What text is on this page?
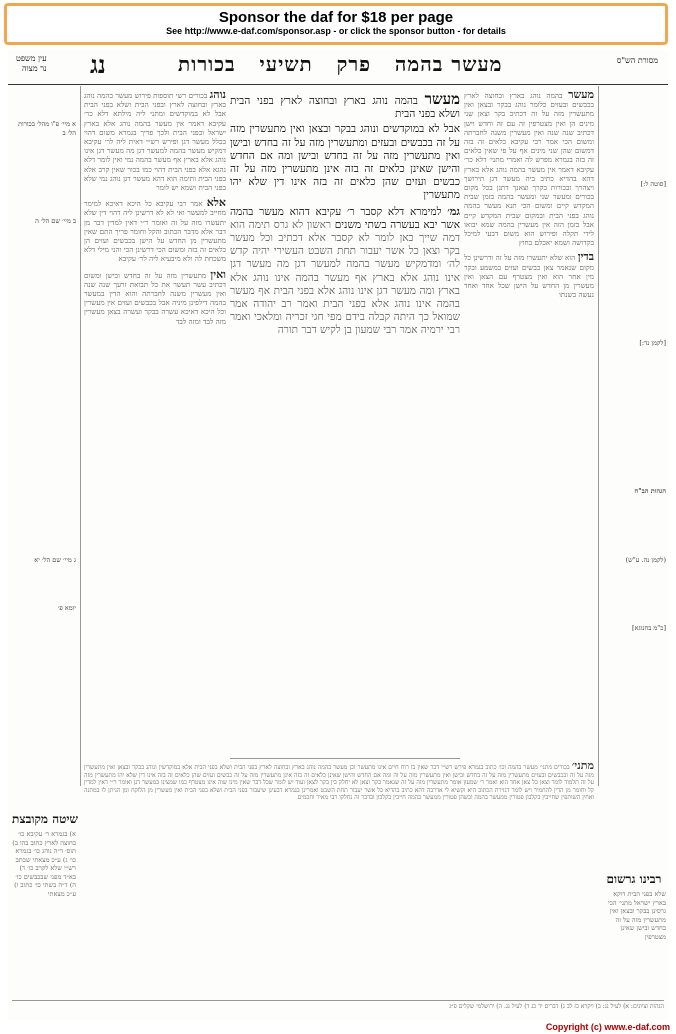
Sponsor the daf for $18 per page
See http://www.e-daf.com/sponsor.asp - or click the sponsor button - for details
עין משפט
נר מצוה	נג	מעשר בהמה   פרק   תשיעי   בכורות	מסורת הש"ס
א מיי׳ פ"ו מהל׳ בכורות הל׳ ב
ב מיי׳ שם הל׳ ה
ג מיי׳ שם הל׳ יא
יומא פ׳
[סוטה ל:]
[לקמן נד:]
הגהות הב"ח
(לקמן נה. ע"ש)
[כ"מ בחנוגא]
נוהג בכורים רשי תוספות פירוש מעשר בהמה נוהג בארץ ובחוצה לארץ ובפני הבית ושלא בפני הבית אבל לא במוקדשים ומתני ליה מילתא דלא כר׳ עקיבא דאמר אין מעשר בהמה נוהג אלא בארץ ישראל ובפני הבית ולכך פריך בגמרא משום דהוי בכלל מעשר דגן ופירש רש״י דאית ליה לר׳ עקיבא דמקיש מעשר בהמה למעשר דגן מה מעשר דגן אינו נוהג אלא בארץ אף מעשר בהמה נמי ואין לומר דלא נהגא אלא בפני הבית דהוי כמו בכור שאין קרב אלא בפני הבית ותימה הוא דהא מעשר דגן נוהג נמי שלא בפני הבית ושמא יש לומר
אלא אמר רבי עקיבא כל היכא דאיכא למימר מחייב למעשר ואי לא לא דרשינן ליה דהוי דין שלא יתעשרו מזה על זה ואומר ר״י דאין למדין דבר מן דבר אלא מדבר הכתוב והקל וחומר פריך התם שאין מתעשרין מן החדש על הישן בכבשים ועזים הן כלאים זה בזה ומשום הכי דרשינן הכי והני מילי דלא משכחת לה ולא מיבעיא ליה לר׳ עקיבא
ואין מתעשרין מזה על זה בחדש ובישן ומשום דכתיב עשר תעשר את כל תבואת זרעך שנה שנה ואין מעשרין משנה לחברתה והוא הדין במעשר בהמה דילפינן מיניה אבל בכבשים ועזים אין מעשרין וכל היכא דאיכא עשרה בבקר ועשרה בצאן מעשרין מזה לבד ומזה לבד
מעשר בהמה נוהג בארץ ובחוצה לארץ בפני הבית ושלא בפני הבית
אבל לא במוקדשים ונוהג בבקר ובצאן ואין מתעשרין מזה על זה בכבשים ובעזים ומתעשרין מזה על זה בחדש ובישן ואין מתעשרין מזה על זה בחדש ובישן ומה אם החדש והישן שאינן כלאים זה בזה אינן מתעשרין מזה על זה כבשים ועזים שהן כלאים זה בזה אינו דין שלא יהו מתעשרין
גמ׳ למימרא דלא קסבר ר׳ עקיבא דהוא מעשר בהמה אשר יבא בעשרה בשתי משנים ראשון לא גרס תימה הוא דמה שייך כאן לומר לא קסבר אלא דכתיב וכל מעשר בקר וצאן כל אשר יעבור תחת השבט העשירי יהיה קדש לה׳ ומדמקיש מעשר בהמה למעשר דגן מה מעשר דגן אינו נוהג אלא בארץ אף מעשר בהמה אינו נוהג אלא בארץ ומה מעשר דגן אינו נוהג אלא בפני הבית אף מעשר בהמה אינו נוהג אלא בפני הבית ואמר רב יהודה אמר שמואל כך היתה קבלה בידם מפי חגי זכריה ומלאכי ואמר רבי ירמיה אמר רבי שמעון בן לקיש דבר תורה
מעשר בהמה נוהג בארץ ובחוצה לארץ בכבשים ובעזים כלומר נוהג בבקר ובצאן ואין מתעשרין מזה על זה דכתיב בקר וצאן שני מינים הן ואין מצטרפין זה עם זה וחדש וישן דכתיב שנה שנה ואין מעשרין משנה לחברתה ומשום הכי אמר רבי עקיבא כלאים זה בזה דמשום שהן שני מינים אף על פי שאין כלאים זה בזה בגמרא מפרש לה ואמרי מתני׳ דלא כר׳ עקיבא דאמר אין מעשר בהמה נוהג אלא בארץ דהא בהדיא כתיב ביה מעשר דגן תירושך ויצהרך ובכורות בקרך וצאנך דתנן בכל מקום בכורים ומעשר שני ומעשר בהמה בזמן שבית המקדש קיים ומשום הכי תנא מעשר בהמה נוהג בפני הבית ובמקום שבית המקדש קיים אבל בזמן הזה אין מעשרין בהמה שמא יבואו לידי תקלה ופירוש הוא משום דבעי למיכל בקדושה ושמא יאכלם בחוץ
בדין הוא שלא יתעשרו מזה על זה ודרשינן כל מקום שנאמר צאן כבשים ועזים במשמע ובקר מין אחר הוא ואין מצטרף עם הצאן ואין מעשרין מן החדש על הישן שכל אחד ואחד נעשה בשנתו
שיטה מקובצת
א) בגמרא ר׳ עקיבא כו׳ בחוצה לארץ כתוב בהו ב) תוס׳ ד״ה נוהג כו׳ בגמרא כו׳ ג) ע״כ מצאתי שכתב רש״י שלא לקרב כו׳ ד) בא״ד מפני שבכבשים כו׳ ה) ד״ה בשתי כו׳ כתוב ו) ע״כ מצאתי
מתני׳ בכורים מתני׳ מעשר בהמה וכו׳ כתוב בגמרא פירש רש״י דבר שאין בו רוח חיים אינו מתעשר וכן מעשר בהמה נוהג בארץ ובחוצה לארץ בפני הבית ושלא בפני הבית אלא במוקדשין ונוהג בבקר ובצאן ואין מתעשרין מזה על זה ובכבשים ובעזים מתעשרין מזה על זה בחדש ובישן ואין מתעשרין מזה על זה ומה אם החדש והישן שאינן כלאים זה בזה אינן מתעשרין מזה על זה כבשים ועזים שהן כלאים זה בזה אינו דין שלא יהו מתעשרין מזה על זה תלמוד לומר וצאן כל צאן אחד הוא ואמר ר׳ שמעון אומר מתעשרין מזה על זה שנאמר בקר וצאן לא יחלק בין בקר לצאן ועוד יש לומר שכל דבר שאין מינו שוה אינו מצטרף כמו שמצינו במעשר דגן ואומר ר״י דאין למדין קל וחומר מן הדין להחמיר ויש לומר דגזירת הכתוב היא וקשיא לי אדרבה דהא כתיב בהדיא כל אשר יעבור תחת השבט ואמרינן בגמרא דבעינן שיעבור בפני הבית ושלא בפני הבית ואין מעשרין מן הלוקח ומן הניתן לו במתנה ואחין השותפין שחייבין בקלבון פטורין ממעשר בהמה וכשהן פטורין ממעשר בהמה חייבין בקלבון ובדבר זה נחלקו רבי מאיר וחכמים
רבינו גרשום
שלא בפני הבית דוקא בארץ ישראל מתני׳ הכי גרסינן בבקר ובצאן ואין מתעשרין מזה על זה בחדש ובישן שאינן מצטרפין
הגהות וציונים: א) לעיל נג: ב) ויקרא כז לב ג) דברים יד כג ד) לעיל נג. ה) ירושלמי שקלים פ״ג
Copyright (c) www.e-daf.com
